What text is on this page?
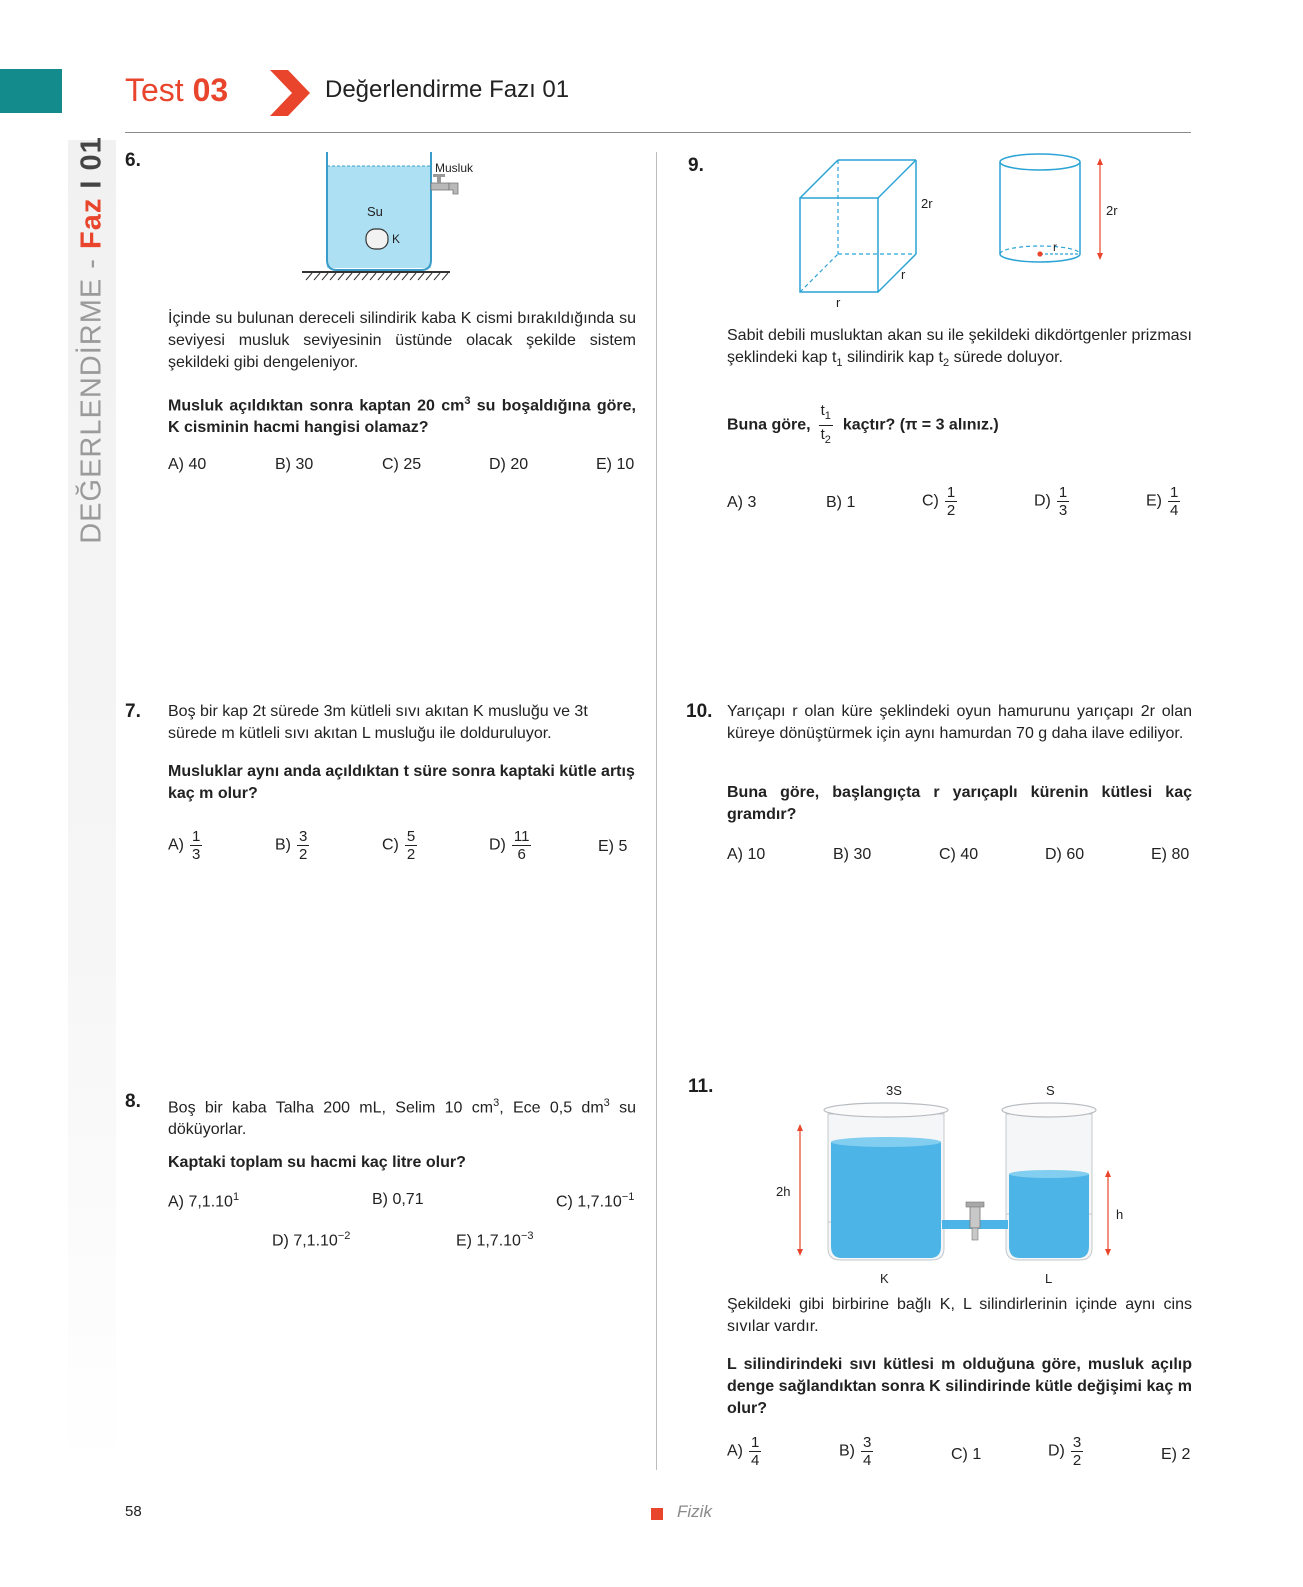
Test 03	Değerlendirme Fazı 01
DEĞERLENDİRME - Faz I 01 6.	Musluk
Su
K
İçinde su bulunan dereceli silindirik kaba K cismi bırakıldığında su seviyesi musluk seviyesinin üstünde olacak şekilde sistem şekildeki gibi dengeleniyor.
Musluk açıldıktan sonra kaptan 20 $cm^3$ su boşaldığına göre, K cisminin hacmi hangisi olamaz?
A) 40	B) 30	C) 25	D) 20	E) 10
7. Boş bir kap 2t sürede 3m kütleli sıvı akıtan K musluğu ve 3t sürede m kütleli sıvı akıtan L musluğu ile dolduruluyor.
Musluklar aynı anda açıldıktan t süre sonra kaptaki kütle artış kaç m olur?
$A) \frac{1}{3}$	$B) \frac{3}{2}$	$C) \frac{5}{2}$	$D) \frac{11}{6}$	E) 5
8. Boş bir kaba Talha 200 mL, Selim 10 $cm^3$, Ece 0,5 $dm^3$ su döküyorlar.
Kaptaki toplam su hacmi kaç litre olur?
A) 7,1.10$^1$	B) 0,71	C) $1,7.10^{-1}$
D) $7,1.10^{-2}$	E) $1,7.10^{-3}$
9.
2r
r
r
r
2r
Sabit debili musluktan akan su ile şekildeki dikdörtgenler prizması şeklindeki kap $t_1$ silindirik kap $t_2$ sürede doluyor.
Buna göre, $\frac{t_1}{t_2}$ kaçtır? (π = 3 alınız.)
A) 3	B) 1	$C) \frac{1}{2}$	$D) \frac{1}{3}$	$E) \frac{1}{4}$
10. Yarıçapı r olan küre şeklindeki oyun hamurunu yarıçapı 2r olan küreye dönüştürmek için aynı hamurdan 70 g daha ilave ediliyor.
Buna göre, başlangıçta r yarıçaplı kürenin kütlesi kaç gramdır?
A) 10	B) 30	C) 40	D) 60	E) 80
11.	3S	S
2h
h
K	L
Şekildeki gibi birbirine bağlı K, L silindirlerinin içinde aynı cins sıvılar vardır.
L silindirindeki sıvı kütlesi m olduğuna göre, musluk açılıp denge sağlandıktan sonra K silindirinde kütle değişimi kaç m olur?
$A) \frac{1}{4}$	$B) \frac{3}{4}$	C) 1	$D) \frac{3}{2}$	E) 2
58	Fizik
